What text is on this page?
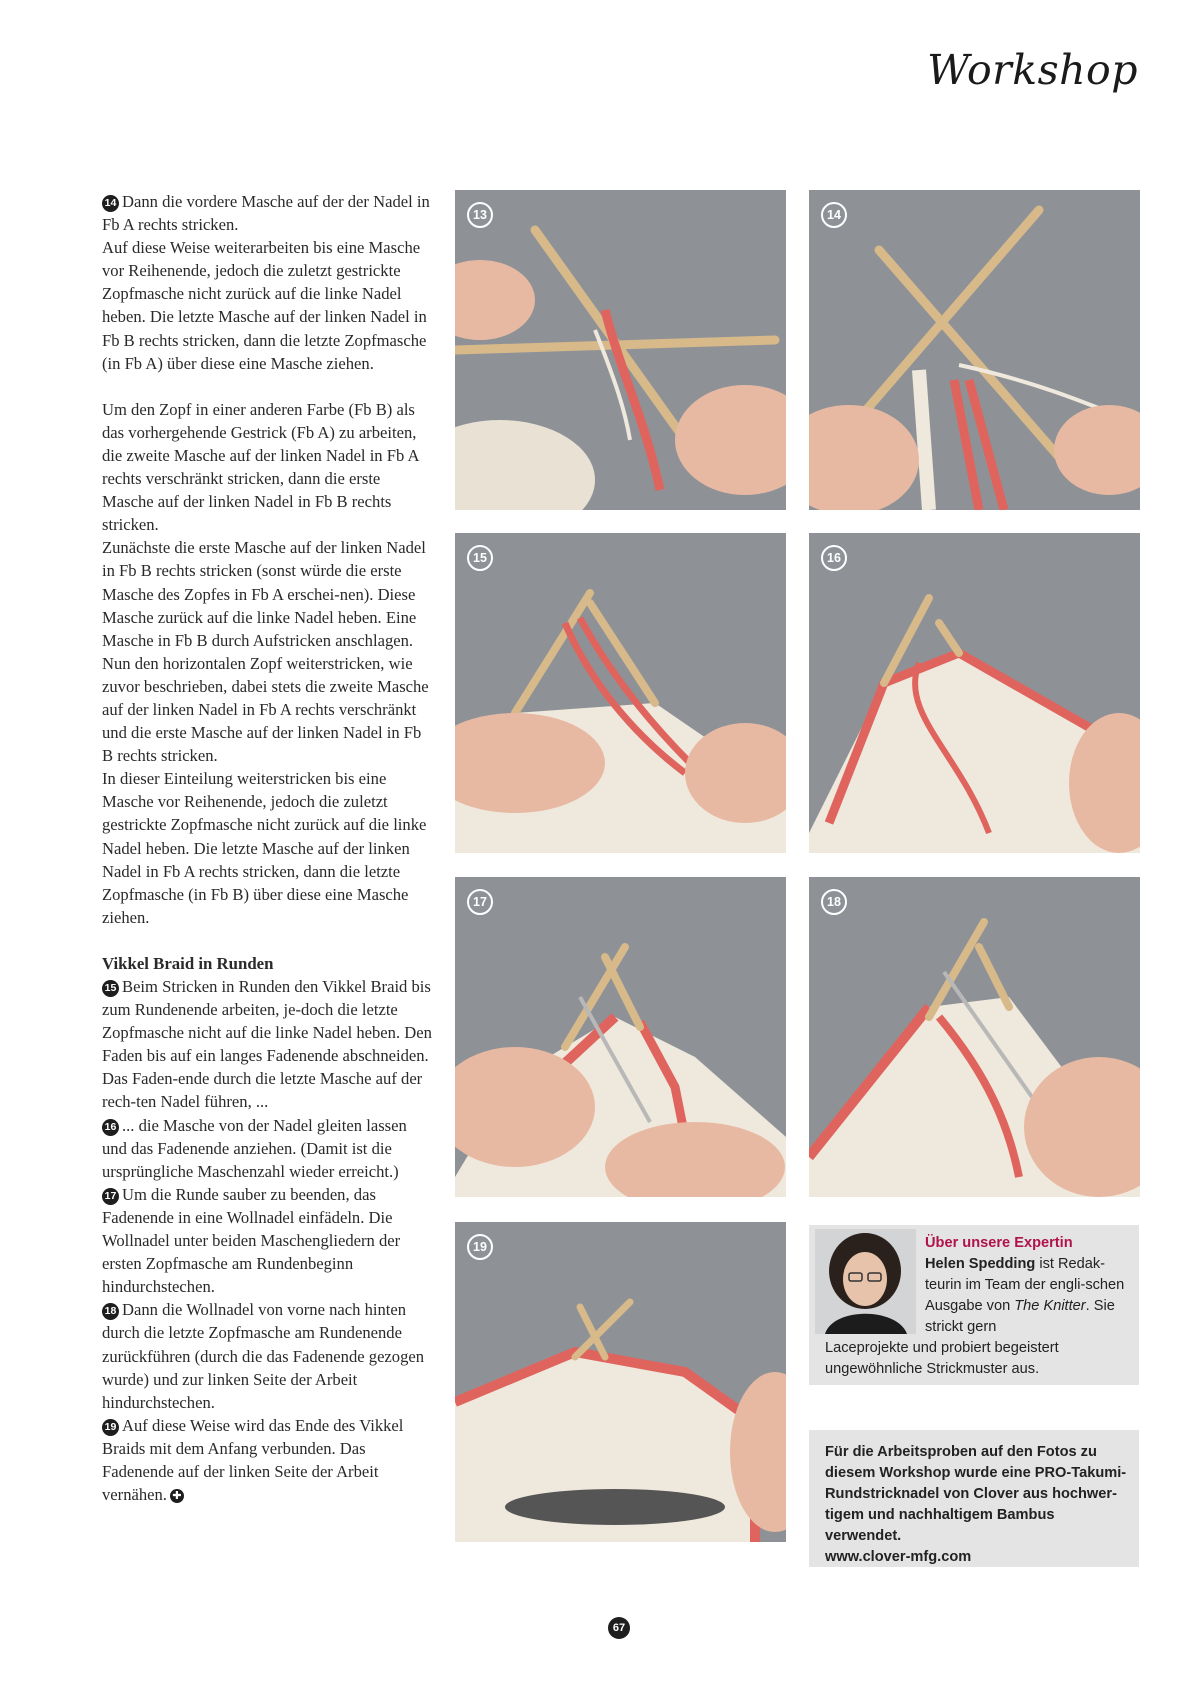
Workshop

14 Dann die vordere Masche auf der der Nadel in Fb A rechts stricken.

Auf diese Weise weiterarbeiten bis eine Masche vor Reihenende, jedoch die zuletzt gestrickte Zopfmasche nicht zurück auf die linke Nadel heben. Die letzte Masche auf der linken Nadel in Fb B rechts stricken, dann die letzte Zopfmasche (in Fb A) über diese eine Masche ziehen.

Um den Zopf in einer anderen Farbe (Fb B) als das vorhergehende Gestrick (Fb A) zu arbeiten, die zweite Masche auf der linken Nadel in Fb A rechts verschränkt stricken, dann die erste Masche auf der linken Nadel in Fb B rechts stricken.

Zunächste die erste Masche auf der linken Nadel in Fb B rechts stricken (sonst würde die erste Masche des Zopfes in Fb A erschei-nen). Diese Masche zurück auf die linke Nadel heben. Eine Masche in Fb B durch Aufstricken anschlagen.

Nun den horizontalen Zopf weiterstricken, wie zuvor beschrieben, dabei stets die zweite Masche auf der linken Nadel in Fb A rechts verschränkt und die erste Masche auf der linken Nadel in Fb B rechts stricken.

In dieser Einteilung weiterstricken bis eine Masche vor Reihenende, jedoch die zuletzt gestrickte Zopfmasche nicht zurück auf die linke Nadel heben. Die letzte Masche auf der linken Nadel in Fb A rechts stricken, dann die letzte Zopfmasche (in Fb B) über diese eine Masche ziehen.

Vikkel Braid in Runden

15 Beim Stricken in Runden den Vikkel Braid bis zum Rundenende arbeiten, je-doch die letzte Zopfmasche nicht auf die linke Nadel heben. Den Faden bis auf ein langes Fadenende abschneiden. Das Faden-ende durch die letzte Masche auf der rech-ten Nadel führen, ...

16 ... die Masche von der Nadel gleiten lassen und das Fadenende anziehen. (Damit ist die ursprüngliche Maschenzahl wieder erreicht.)

17 Um die Runde sauber zu beenden, das Fadenende in eine Wollnadel einfädeln. Die Wollnadel unter beiden Maschengliedern der ersten Zopfmasche am Rundenbeginn hindurchstechen.

18 Dann die Wollnadel von vorne nach hinten durch die letzte Zopfmasche am Rundenende zurückführen (durch die das Fadenende gezogen wurde) und zur linken Seite der Arbeit hindurchstechen.

19 Auf diese Weise wird das Ende des Vikkel Braids mit dem Anfang verbunden. Das Fadenende auf der linken Seite der Arbeit vernähen. ✚

13	14
15	16
17	18
19	Über unsere Expertin
Helen Spedding ist Redak-teurin im Team der engli-schen Ausgabe von The Knitter. Sie strickt gern
Laceprojekte und probiert begeistert ungewöhnliche Strickmuster aus.
Für die Arbeitsproben auf den Fotos zu diesem Workshop wurde eine PRO-Takumi-Rundstricknadel von Clover aus hochwer-tigem und nachhaltigem Bambus verwendet.
www.clover-mfg.com
67
